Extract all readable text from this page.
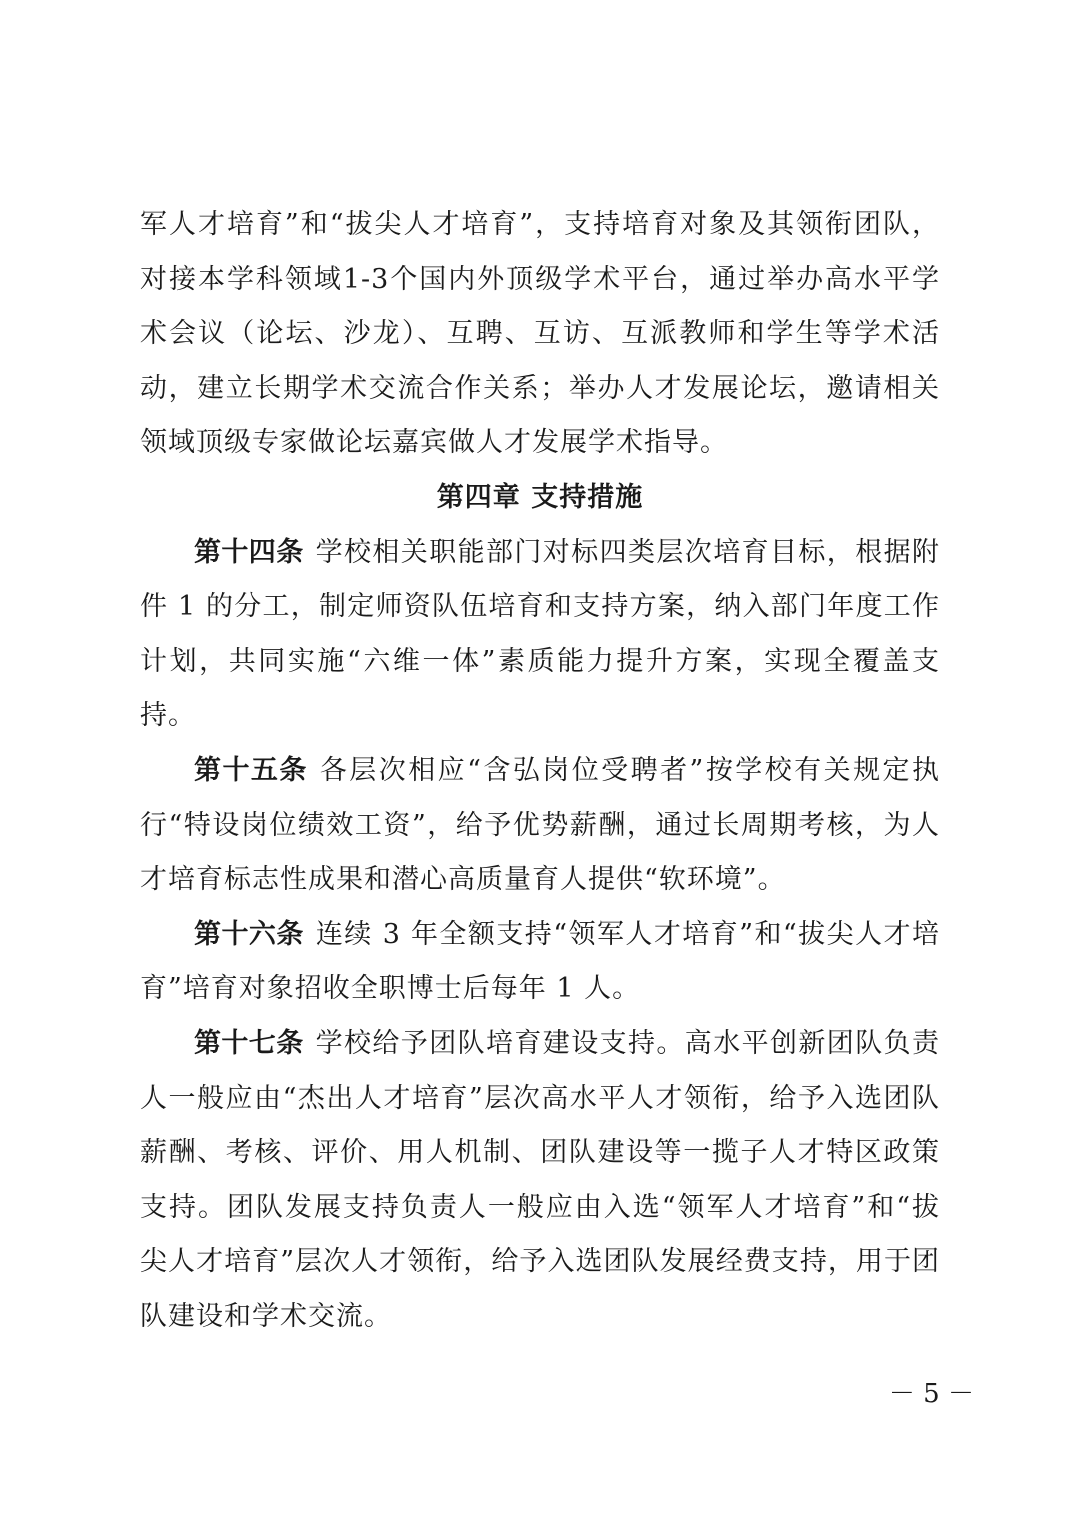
军人才培育”和“拔尖人才培育”，支持培育对象及其领衔团队，对接本学科领域1-3个国内外顶级学术平台，通过举办高水平学术会议（论坛、沙龙）、互聘、互访、互派教师和学生等学术活动，建立长期学术交流合作关系；举办人才发展论坛，邀请相关领域顶级专家做论坛嘉宾做人才发展学术指导。

第四章 支持措施

第十四条 学校相关职能部门对标四类层次培育目标，根据附件 1 的分工，制定师资队伍培育和支持方案，纳入部门年度工作计划，共同实施“六维一体”素质能力提升方案，实现全覆盖支持。

第十五条 各层次相应“含弘岗位受聘者”按学校有关规定执行“特设岗位绩效工资”，给予优势薪酬，通过长周期考核，为人才培育标志性成果和潜心高质量育人提供“软环境”。

第十六条 连续 3 年全额支持“领军人才培育”和“拔尖人才培育”培育对象招收全职博士后每年 1 人。

第十七条 学校给予团队培育建设支持。高水平创新团队负责人一般应由“杰出人才培育”层次高水平人才领衔，给予入选团队薪酬、考核、评价、用人机制、团队建设等一揽子人才特区政策支持。团队发展支持负责人一般应由入选“领军人才培育”和“拔尖人才培育”层次人才领衔，给予入选团队发展经费支持，用于团队建设和学术交流。

－ 5 －
